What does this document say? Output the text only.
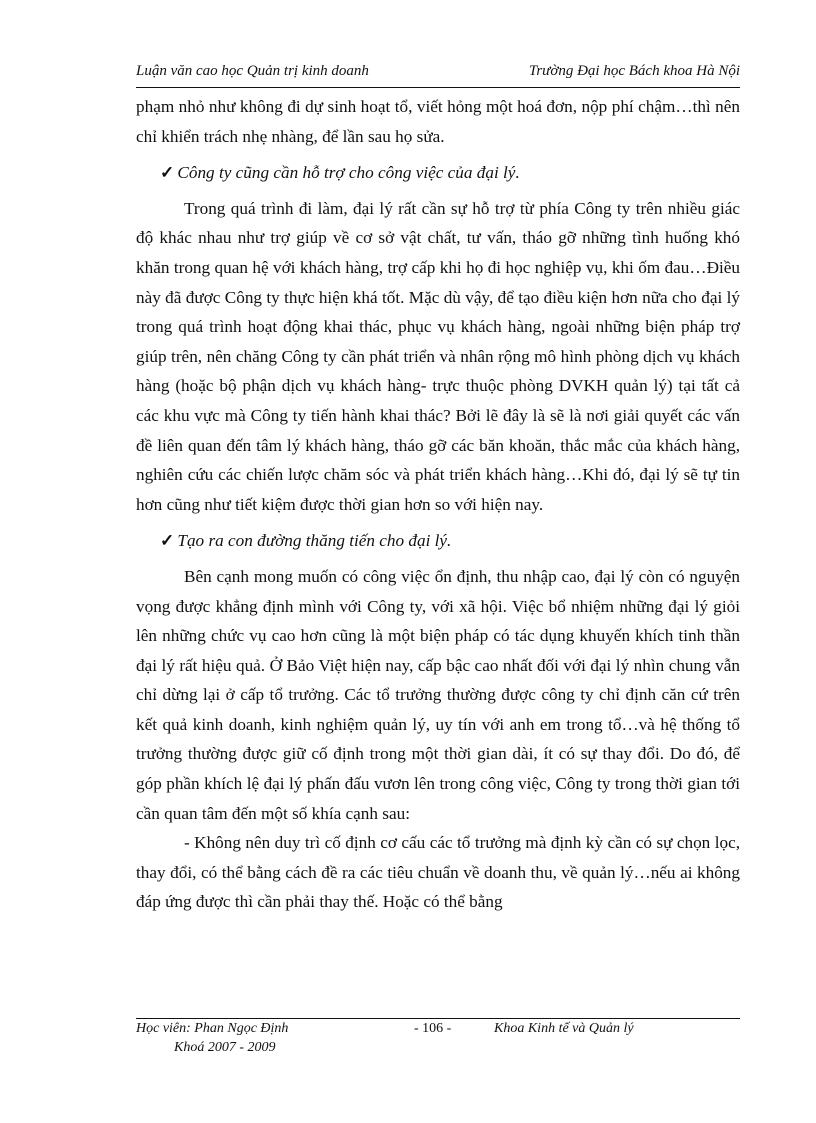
Luận văn cao học Quản trị kinh doanh	Trường Đại học Bách khoa Hà Nội

phạm nhỏ như không đi dự sinh hoạt tổ, viết hỏng một hoá đơn, nộp phí chậm…thì nên chỉ khiển trách nhẹ nhàng, để lần sau họ sửa.

✓ Công ty cũng cần hỗ trợ cho công việc của đại lý.

Trong quá trình đi làm, đại lý rất cần sự hỗ trợ từ phía Công ty trên nhiều giác độ khác nhau như trợ giúp về cơ sở vật chất, tư vấn, tháo gỡ những tình huống khó khăn trong quan hệ với khách hàng, trợ cấp khi họ đi học nghiệp vụ, khi ốm đau…Điều này đã được Công ty thực hiện khá tốt. Mặc dù vậy, để tạo điều kiện hơn nữa cho đại lý trong quá trình hoạt động khai thác, phục vụ khách hàng, ngoài những biện pháp trợ giúp trên, nên chăng Công ty cần phát triển và nhân rộng mô hình phòng dịch vụ khách hàng (hoặc bộ phận dịch vụ khách hàng- trực thuộc phòng DVKH quản lý) tại tất cả các khu vực mà Công ty tiến hành khai thác? Bởi lẽ đây là sẽ là nơi giải quyết các vấn đề liên quan đến tâm lý khách hàng, tháo gỡ các băn khoăn, thắc mắc của khách hàng, nghiên cứu các chiến lược chăm sóc và phát triển khách hàng…Khi đó, đại lý sẽ tự tin hơn cũng như tiết kiệm được thời gian hơn so với hiện nay.

✓ Tạo ra con đường thăng tiến cho đại lý.

Bên cạnh mong muốn có công việc ổn định, thu nhập cao, đại lý còn có nguyện vọng được khẳng định mình với Công ty, với xã hội. Việc bổ nhiệm những đại lý giỏi lên những chức vụ cao hơn cũng là một biện pháp có tác dụng khuyến khích tinh thần đại lý rất hiệu quả. Ở Bảo Việt hiện nay, cấp bậc cao nhất đối với đại lý nhìn chung vẫn chỉ dừng lại ở cấp tổ trưởng. Các tổ trưởng thường được công ty chỉ định căn cứ trên kết quả kinh doanh, kinh nghiệm quản lý, uy tín với anh em trong tổ…và hệ thống tổ trưởng thường được giữ cố định trong một thời gian dài, ít có sự thay đổi. Do đó, để góp phần khích lệ đại lý phấn đấu vươn lên trong công việc, Công ty trong thời gian tới cần quan tâm đến một số khía cạnh sau:

- Không nên duy trì cố định cơ cấu các tổ trưởng mà định kỳ cần có sự chọn lọc, thay đổi, có thể bằng cách đề ra các tiêu chuẩn về doanh thu, về quản lý…nếu ai không đáp ứng được thì cần phải thay thế. Hoặc có thể bằng

Học viên: Phan Ngọc Định
Khoá 2007 - 2009
- 106 -	Khoa Kinh tế và Quản lý
